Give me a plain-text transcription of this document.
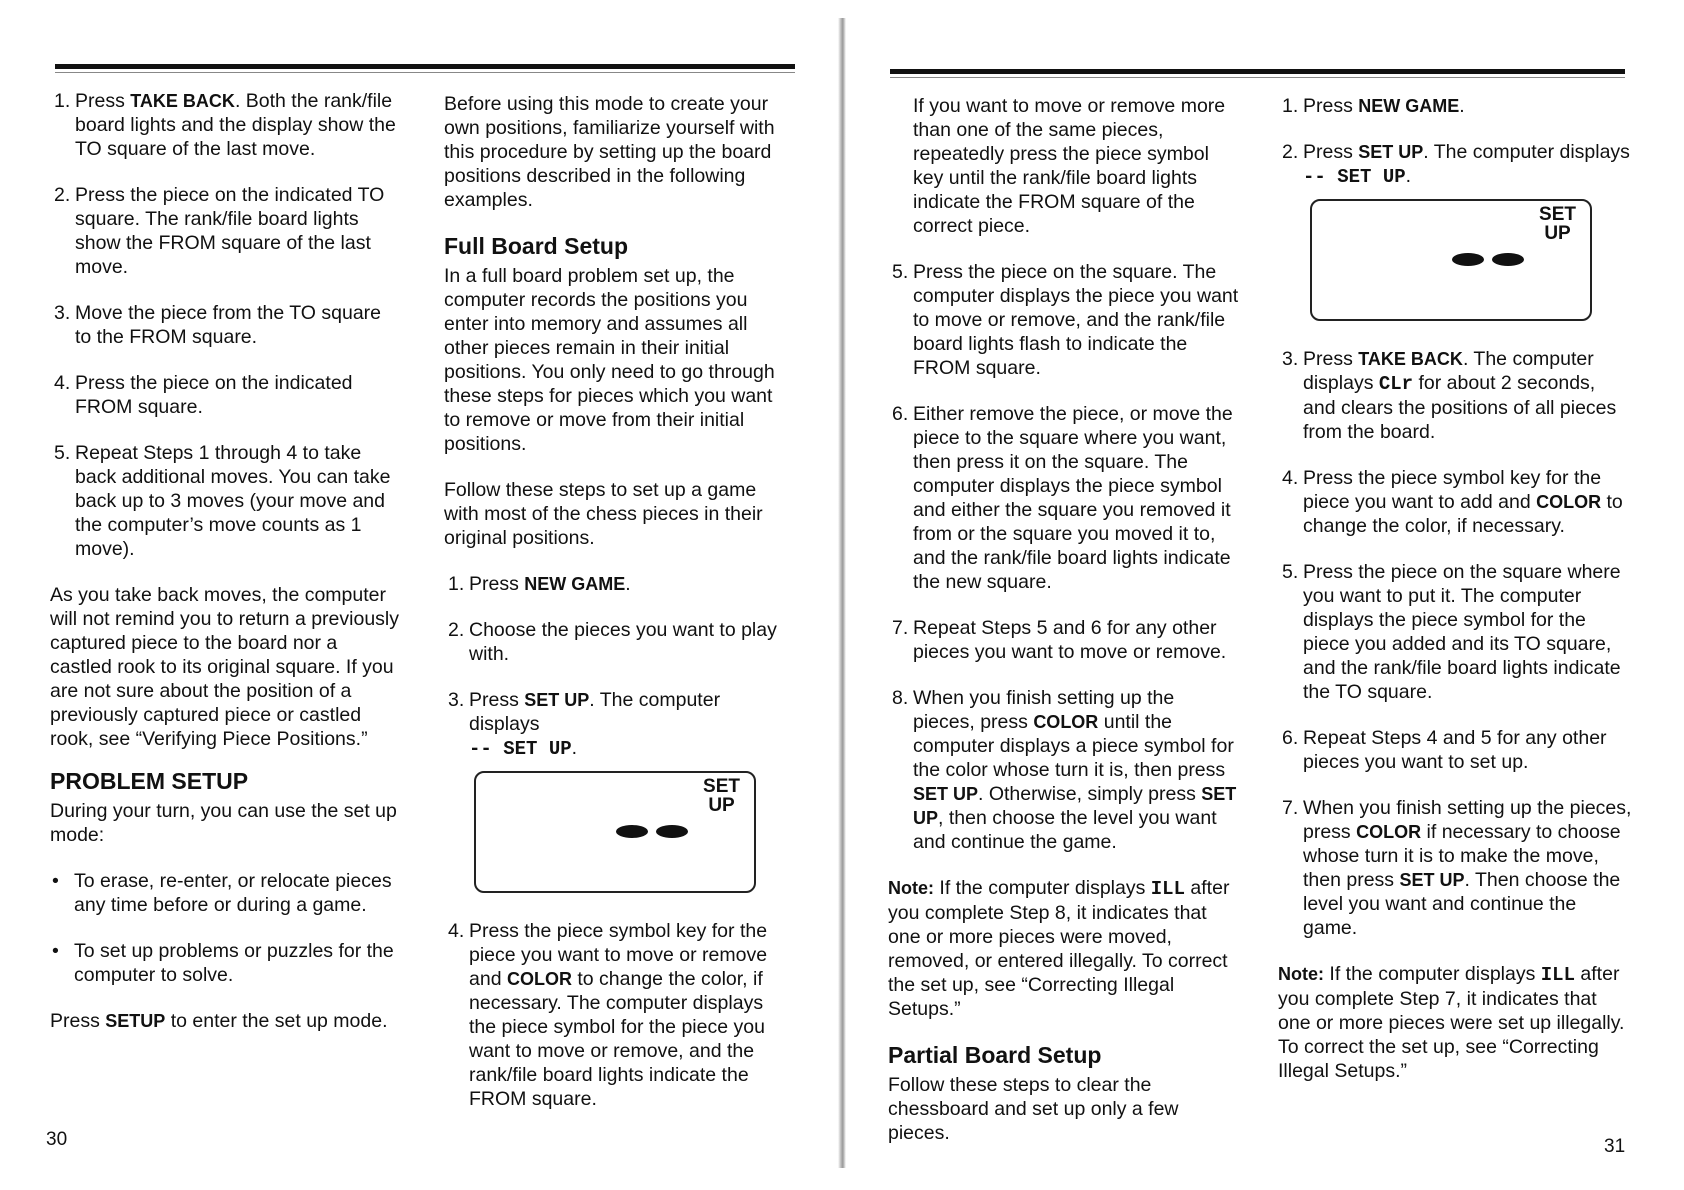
1. Press TAKE BACK. Both the rank/file board lights and the display show the TO square of the last move.
2. Press the piece on the indicated TO square. The rank/file board lights show the FROM square of the last move.
3. Move the piece from the TO square to the FROM square.
4. Press the piece on the indicated FROM square.
5. Repeat Steps 1 through 4 to take back additional moves. You can take back up to 3 moves (your move and the computer’s move counts as 1 move).

As you take back moves, the computer will not remind you to return a previously captured piece to the board nor a castled rook to its original square. If you are not sure about the position of a previously captured piece or castled rook, see “Verifying Piece Positions.”

PROBLEM SETUP

During your turn, you can use the set up mode:

• To erase, re-enter, or relocate pieces any time before or during a game.
• To set up problems or puzzles for the computer to solve.

Press SETUP to enter the set up mode.

Before using this mode to create your own positions, familiarize yourself with this procedure by setting up the board positions described in the following examples.

Full Board Setup

In a full board problem set up, the computer records the positions you enter into memory and assumes all other pieces remain in their initial positions. You only need to go through these steps for pieces which you want to remove or move from their initial positions.

Follow these steps to set up a game with most of the chess pieces in their original positions.

1. Press NEW GAME.
2. Choose the pieces you want to play with.
3. Press SET UP. The computer displays
-- SET UP.
SET
UP
4. Press the piece symbol key for the piece you want to move or remove and COLOR to change the color, if necessary. The computer displays the piece symbol for the piece you want to move or remove, and the rank/file board lights indicate the FROM square.
30

If you want to move or remove more than one of the same pieces, repeatedly press the piece symbol key until the rank/file board lights indicate the FROM square of the correct piece.

5. Press the piece on the square. The computer displays the piece you want to move or remove, and the rank/file board lights flash to indicate the FROM square.
6. Either remove the piece, or move the piece to the square where you want, then press it on the square. The computer displays the piece symbol and either the square you removed it from or the square you moved it to, and the rank/file board lights indicate the new square.
7. Repeat Steps 5 and 6 for any other pieces you want to move or remove.
8. When you finish setting up the pieces, press COLOR until the computer displays a piece symbol for the color whose turn it is, then press SET UP. Otherwise, simply press SET UP, then choose the level you want and continue the game.

Note: If the computer displays ILL after you complete Step 8, it indicates that one or more pieces were moved, removed, or entered illegally. To correct the set up, see “Correcting Illegal Setups.”

Partial Board Setup

Follow these steps to clear the chessboard and set up only a few pieces.

1. Press NEW GAME.
2. Press SET UP. The computer displays
-- SET UP.
SET
UP
3. Press TAKE BACK. The computer displays CLr for about 2 seconds, and clears the positions of all pieces from the board.
4. Press the piece symbol key for the piece you want to add and COLOR to change the color, if necessary.
5. Press the piece on the square where you want to put it. The computer displays the piece symbol for the piece you added and its TO square, and the rank/file board lights indicate the TO square.
6. Repeat Steps 4 and 5 for any other pieces you want to set up.
7. When you finish setting up the pieces, press COLOR if necessary to choose whose turn it is to make the move, then press SET UP. Then choose the level you want and continue the game.

Note: If the computer displays ILL after you complete Step 7, it indicates that one or more pieces were set up illegally. To correct the set up, see “Correcting Illegal Setups.”

31
